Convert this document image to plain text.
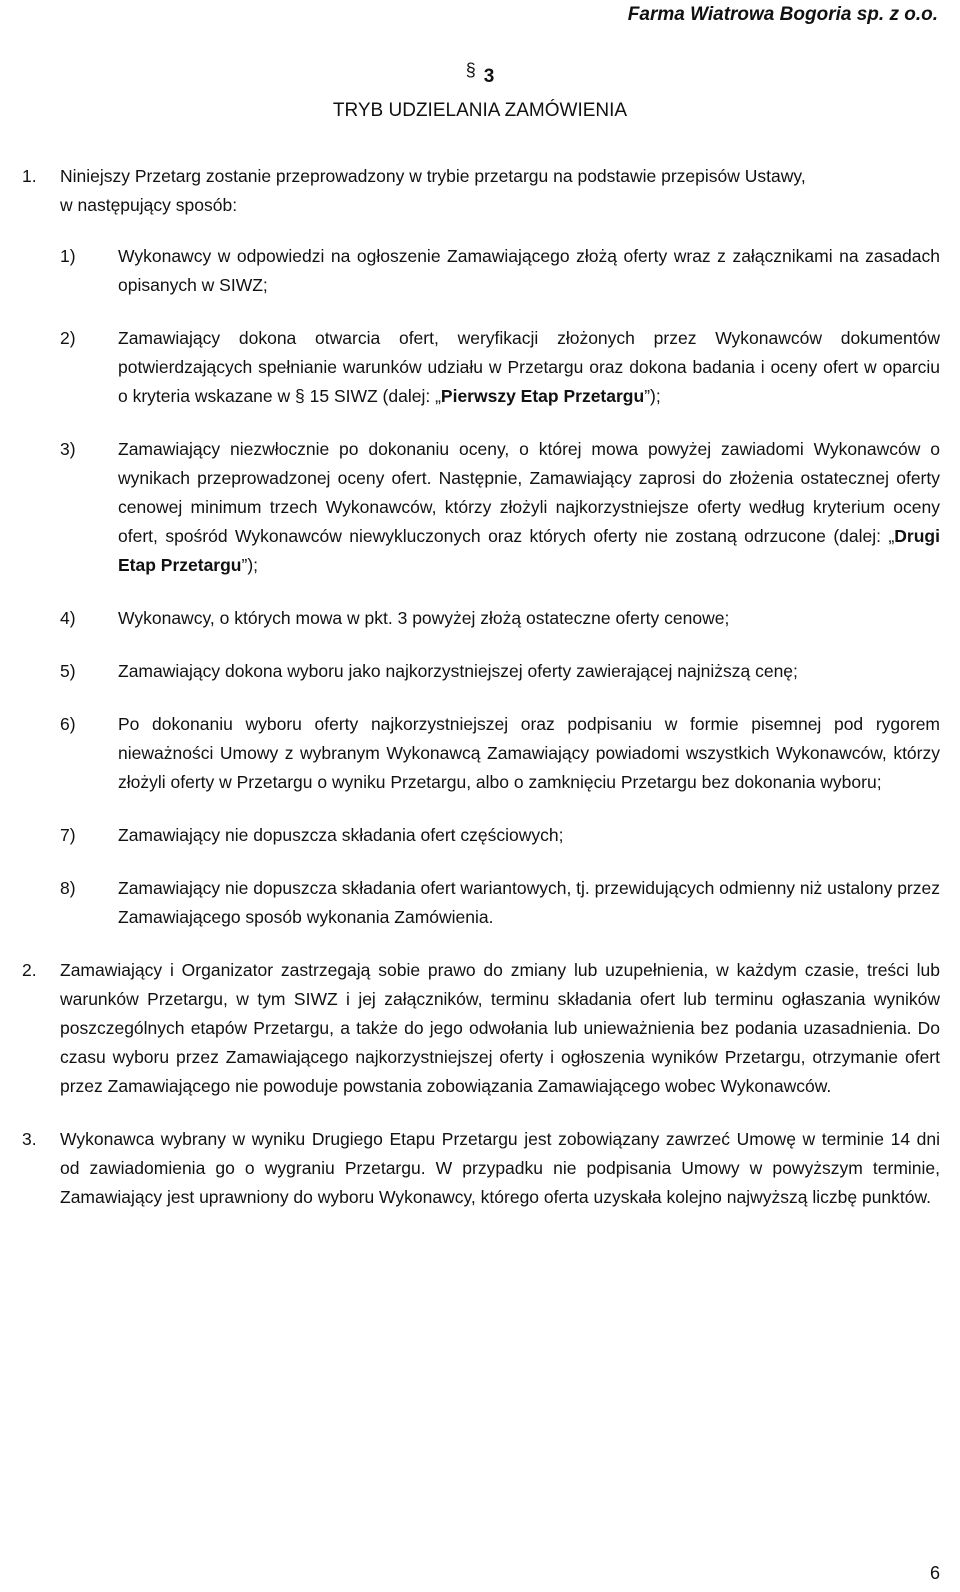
Farma Wiatrowa Bogoria sp. z o.o.
§ 3
TRYB UDZIELANIA ZAMÓWIENIA
1.	Niniejszy Przetarg zostanie przeprowadzony w trybie przetargu na podstawie przepisów Ustawy,
w następujący sposób:
1)	Wykonawcy w odpowiedzi na ogłoszenie Zamawiającego złożą oferty wraz z załącznikami na zasadach opisanych w SIWZ;
2)	Zamawiający dokona otwarcia ofert, weryfikacji złożonych przez Wykonawców dokumentów potwierdzających spełnianie warunków udziału w Przetargu oraz dokona badania i oceny ofert w oparciu o kryteria wskazane w § 15 SIWZ (dalej: „Pierwszy Etap Przetargu”);
3)	Zamawiający niezwłocznie po dokonaniu oceny, o której mowa powyżej zawiadomi Wykonawców o wynikach przeprowadzonej oceny ofert. Następnie, Zamawiający zaprosi do złożenia ostatecznej oferty cenowej minimum trzech Wykonawców, którzy złożyli najkorzystniejsze oferty według kryterium oceny ofert, spośród Wykonawców niewykluczonych oraz których oferty nie zostaną odrzucone (dalej: „Drugi Etap Przetargu”);
4)	Wykonawcy, o których mowa w pkt. 3 powyżej złożą ostateczne oferty cenowe;
5)	Zamawiający dokona wyboru jako najkorzystniejszej oferty zawierającej najniższą cenę;
6)	Po dokonaniu wyboru oferty najkorzystniejszej oraz podpisaniu w formie pisemnej pod rygorem nieważności Umowy z wybranym Wykonawcą Zamawiający powiadomi wszystkich Wykonawców, którzy złożyli oferty w Przetargu o wyniku Przetargu, albo o zamknięciu Przetargu bez dokonania wyboru;
7)	Zamawiający nie dopuszcza składania ofert częściowych;
8)	Zamawiający nie dopuszcza składania ofert wariantowych, tj. przewidujących odmienny niż ustalony przez Zamawiającego sposób wykonania Zamówienia.
2.	Zamawiający i Organizator zastrzegają sobie prawo do zmiany lub uzupełnienia, w każdym czasie, treści lub warunków Przetargu, w tym SIWZ i jej załączników, terminu składania ofert lub terminu ogłaszania wyników poszczególnych etapów Przetargu, a także do jego odwołania lub unieważnienia bez podania uzasadnienia. Do czasu wyboru przez Zamawiającego najkorzystniejszej oferty i ogłoszenia wyników Przetargu, otrzymanie ofert przez Zamawiającego nie powoduje powstania zobowiązania Zamawiającego wobec Wykonawców.
3.	Wykonawca wybrany w wyniku Drugiego Etapu Przetargu jest zobowiązany zawrzeć Umowę w terminie 14 dni od zawiadomienia go o wygraniu Przetargu. W przypadku nie podpisania Umowy w powyższym terminie, Zamawiający jest uprawniony do wyboru Wykonawcy, którego oferta uzyskała kolejno najwyższą liczbę punktów.
6
